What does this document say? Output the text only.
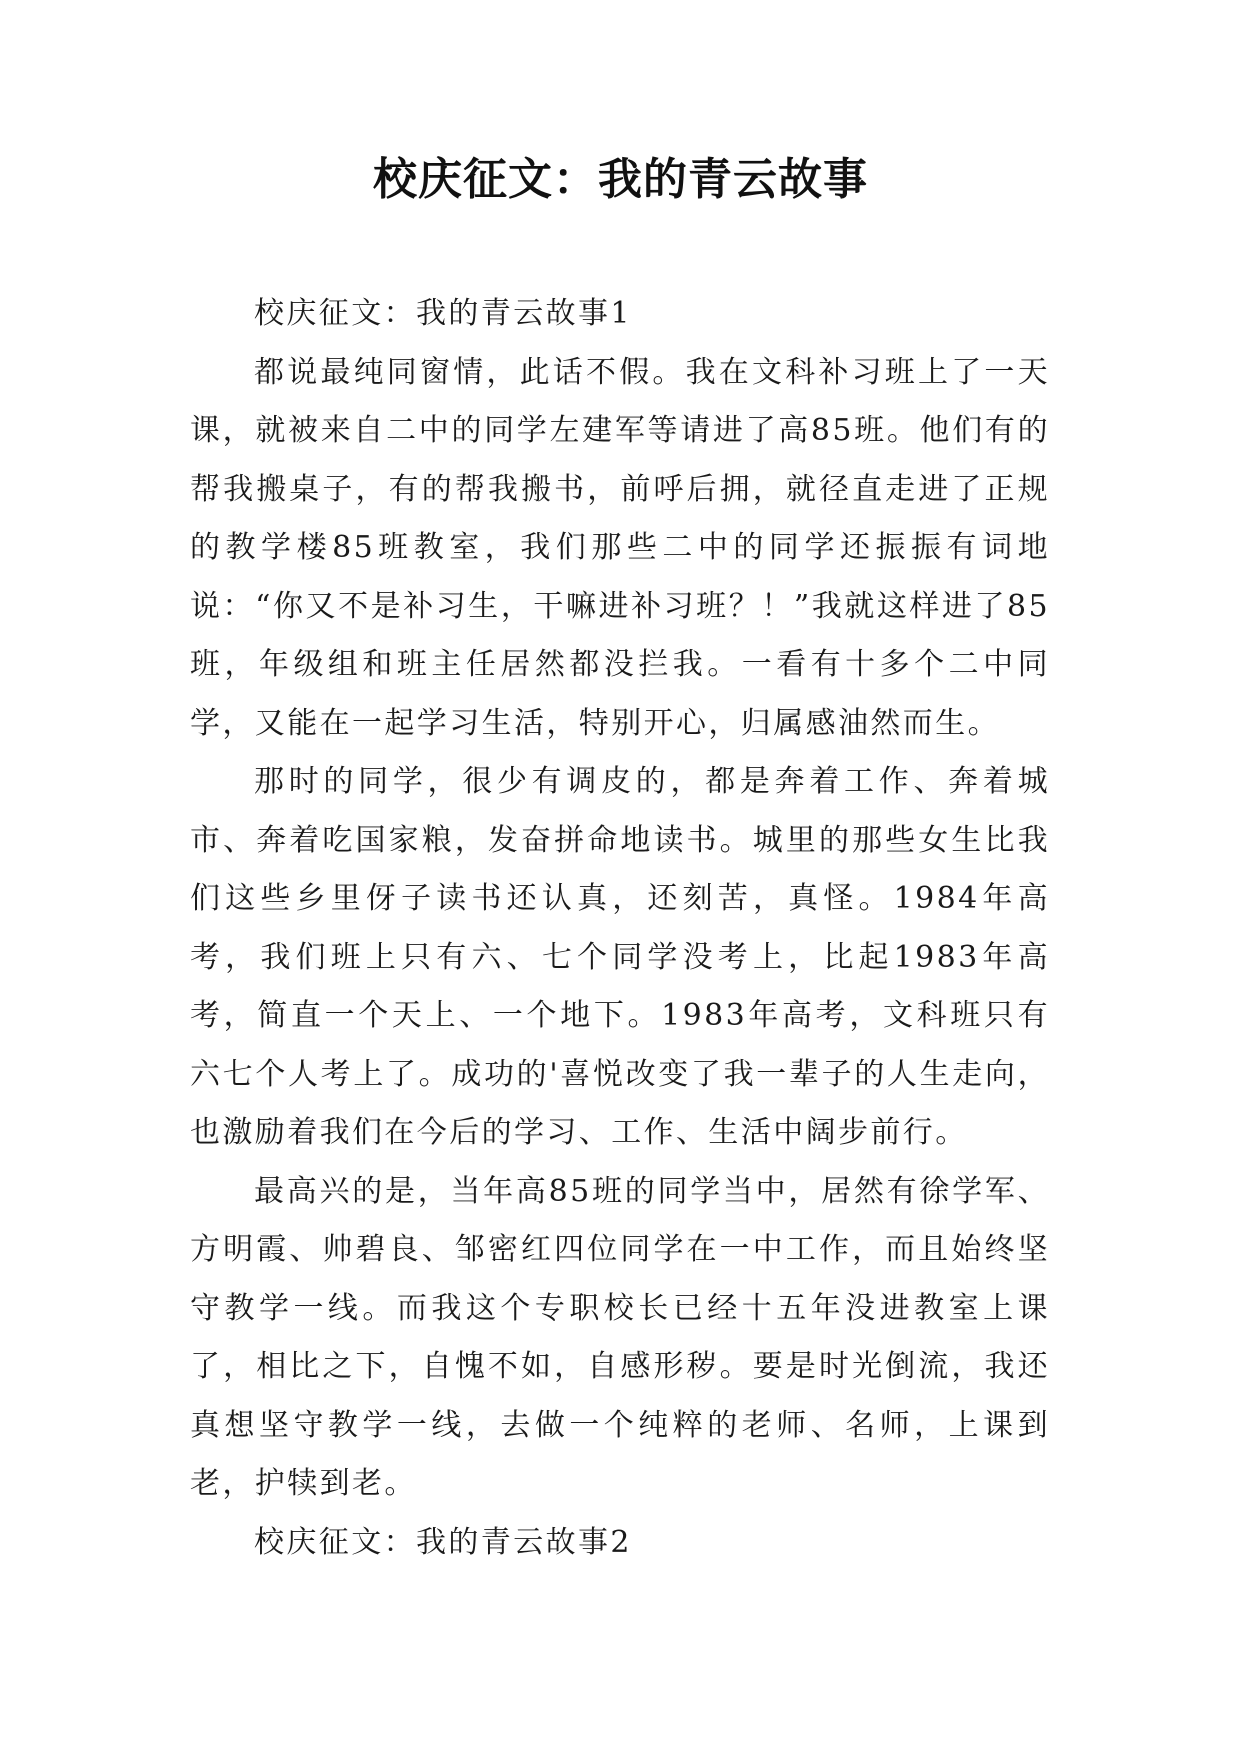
校庆征文：我的青云故事

校庆征文：我的青云故事1

都说最纯同窗情，此话不假。我在文科补习班上了一天课，就被来自二中的同学左建军等请进了高85班。他们有的帮我搬桌子，有的帮我搬书，前呼后拥，就径直走进了正规的教学楼85班教室，我们那些二中的同学还振振有词地说：“你又不是补习生，干嘛进补习班？！”我就这样进了85班，年级组和班主任居然都没拦我。一看有十多个二中同学，又能在一起学习生活，特别开心，归属感油然而生。

那时的同学，很少有调皮的，都是奔着工作、奔着城市、奔着吃国家粮，发奋拼命地读书。城里的那些女生比我们这些乡里伢子读书还认真，还刻苦，真怪。1984年高考，我们班上只有六、七个同学没考上，比起1983年高考，简直一个天上、一个地下。1983年高考，文科班只有六七个人考上了。成功的'喜悦改变了我一辈子的人生走向，也激励着我们在今后的学习、工作、生活中阔步前行。

最高兴的是，当年高85班的同学当中，居然有徐学军、方明霞、帅碧良、邹密红四位同学在一中工作，而且始终坚守教学一线。而我这个专职校长已经十五年没进教室上课了，相比之下，自愧不如，自感形秽。要是时光倒流，我还真想坚守教学一线，去做一个纯粹的老师、名师，上课到老，护犊到老。

校庆征文：我的青云故事2
